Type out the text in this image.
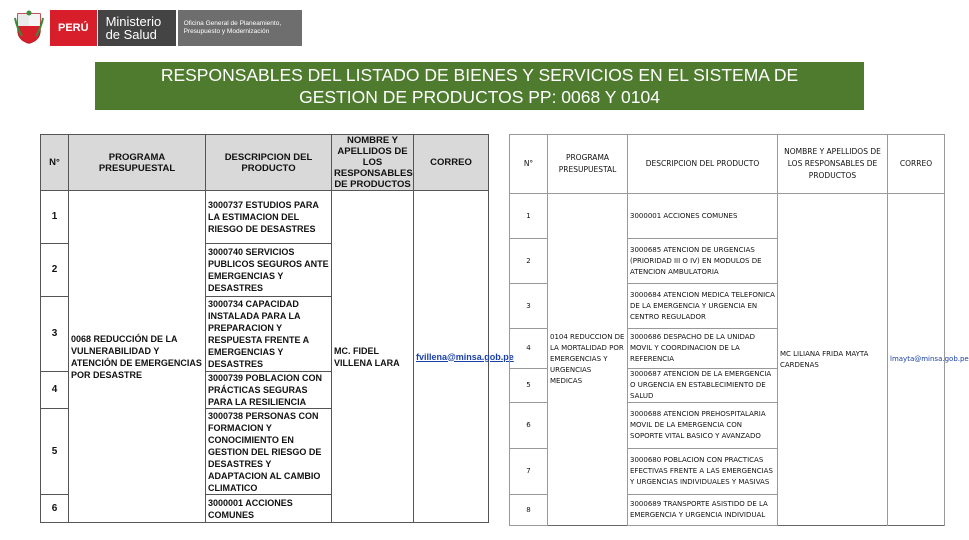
PERÚ	Ministerio
de Salud
Oficina General de Planeamiento,
Presupuesto y Modernización
RESPONSABLES DEL LISTADO DE BIENES Y SERVICIOS EN EL SISTEMA DE
GESTION DE PRODUCTOS PP: 0068 Y 0104
N°	PROGRAMA PRESUPUESTAL	DESCRIPCION DEL PRODUCTO	NOMBRE Y APELLIDOS DE LOS RESPONSABLES DE PRODUCTOS	CORREO
1	0068 REDUCCIÓN DE LA VULNERABILIDAD Y ATENCIÓN DE EMERGENCIAS POR DESASTRE	3000737 ESTUDIOS PARA LA ESTIMACION DEL RIESGO DE DESASTRES	MC. FIDEL VILLENA LARA	fvillena@minsa.gob.pe
2		3000740 SERVICIOS PUBLICOS SEGUROS ANTE EMERGENCIAS Y DESASTRES		
3		3000734 CAPACIDAD INSTALADA PARA LA PREPARACION Y RESPUESTA FRENTE A EMERGENCIAS Y DESASTRES		
4		3000739 POBLACION CON PRÁCTICAS SEGURAS PARA LA RESILIENCIA		
5		3000738 PERSONAS CON FORMACION Y CONOCIMIENTO EN GESTION DEL RIESGO DE DESASTRES Y ADAPTACION AL CAMBIO CLIMATICO		
6		3000001 ACCIONES COMUNES		
N°	PROGRAMA PRESUPUESTAL	DESCRIPCION DEL PRODUCTO	NOMBRE Y APELLIDOS DE LOS RESPONSABLES DE PRODUCTOS	CORREO
1	0104 REDUCCION DE LA MORTALIDAD POR EMERGENCIAS Y URGENCIAS MEDICAS	3000001 ACCIONES COMUNES	MC LILIANA FRIDA MAYTA CARDENAS	lmayta@minsa.gob.pe
2		3000685 ATENCION DE URGENCIAS (PRIORIDAD III O IV) EN MODULOS DE ATENCION AMBULATORIA		
3		3000684 ATENCION MEDICA TELEFONICA DE LA EMERGENCIA Y URGENCIA EN CENTRO REGULADOR		
4		3000686 DESPACHO DE LA UNIDAD MOVIL Y COORDINACION DE LA REFERENCIA		
5		3000687 ATENCION DE LA EMERGENCIA O URGENCIA EN ESTABLECIMIENTO DE SALUD		
6		3000688 ATENCION PREHOSPITALARIA MOVIL DE LA EMERGENCIA CON SOPORTE VITAL BASICO Y AVANZADO		
7		3000680 POBLACION CON PRACTICAS EFECTIVAS FRENTE A LAS EMERGENCIAS Y URGENCIAS INDIVIDUALES Y MASIVAS		
8		3000689 TRANSPORTE ASISTIDO DE LA EMERGENCIA Y URGENCIA INDIVIDUAL		
